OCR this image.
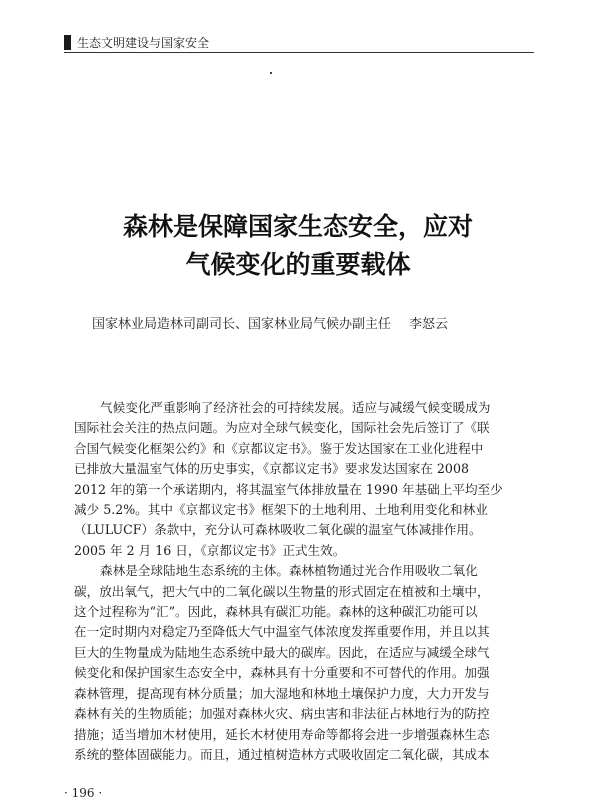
生态文明建设与国家安全
森林是保障国家生态安全，应对
气候变化的重要载体
国家林业局造林司副司长、国家林业局气候办副主任 李怒云
气候变化严重影响了经济社会的可持续发展。适应与减缓气候变暖成为
国际社会关注的热点问题。为应对全球气候变化，国际社会先后签订了《联
合国气候变化框架公约》和《京都议定书》。鉴于发达国家在工业化进程中
已排放大量温室气体的历史事实，《京都议定书》要求发达国家在 2008
2012 年的第一个承诺期内，将其温室气体排放量在 1990 年基础上平均至少
减少 5.2%。其中《京都议定书》框架下的土地利用、土地利用变化和林业
（LULUCF）条款中，充分认可森林吸收二氧化碳的温室气体减排作用。
2005 年 2 月 16 日，《京都议定书》正式生效。
森林是全球陆地生态系统的主体。森林植物通过光合作用吸收二氧化
碳，放出氧气，把大气中的二氧化碳以生物量的形式固定在植被和土壤中，
这个过程称为“汇”。因此，森林具有碳汇功能。森林的这种碳汇功能可以
在一定时期内对稳定乃至降低大气中温室气体浓度发挥重要作用，并且以其
巨大的生物量成为陆地生态系统中最大的碳库。因此，在适应与减缓全球气
候变化和保护国家生态安全中，森林具有十分重要和不可替代的作用。加强
森林管理，提高现有林分质量；加大湿地和林地土壤保护力度，大力开发与
森林有关的生物质能；加强对森林火灾、病虫害和非法征占林地行为的防控
措施；适当增加木材使用，延长木材使用寿命等都将会进一步增强森林生态
系统的整体固碳能力。而且，通过植树造林方式吸收固定二氧化碳，其成本
· 196 ·
